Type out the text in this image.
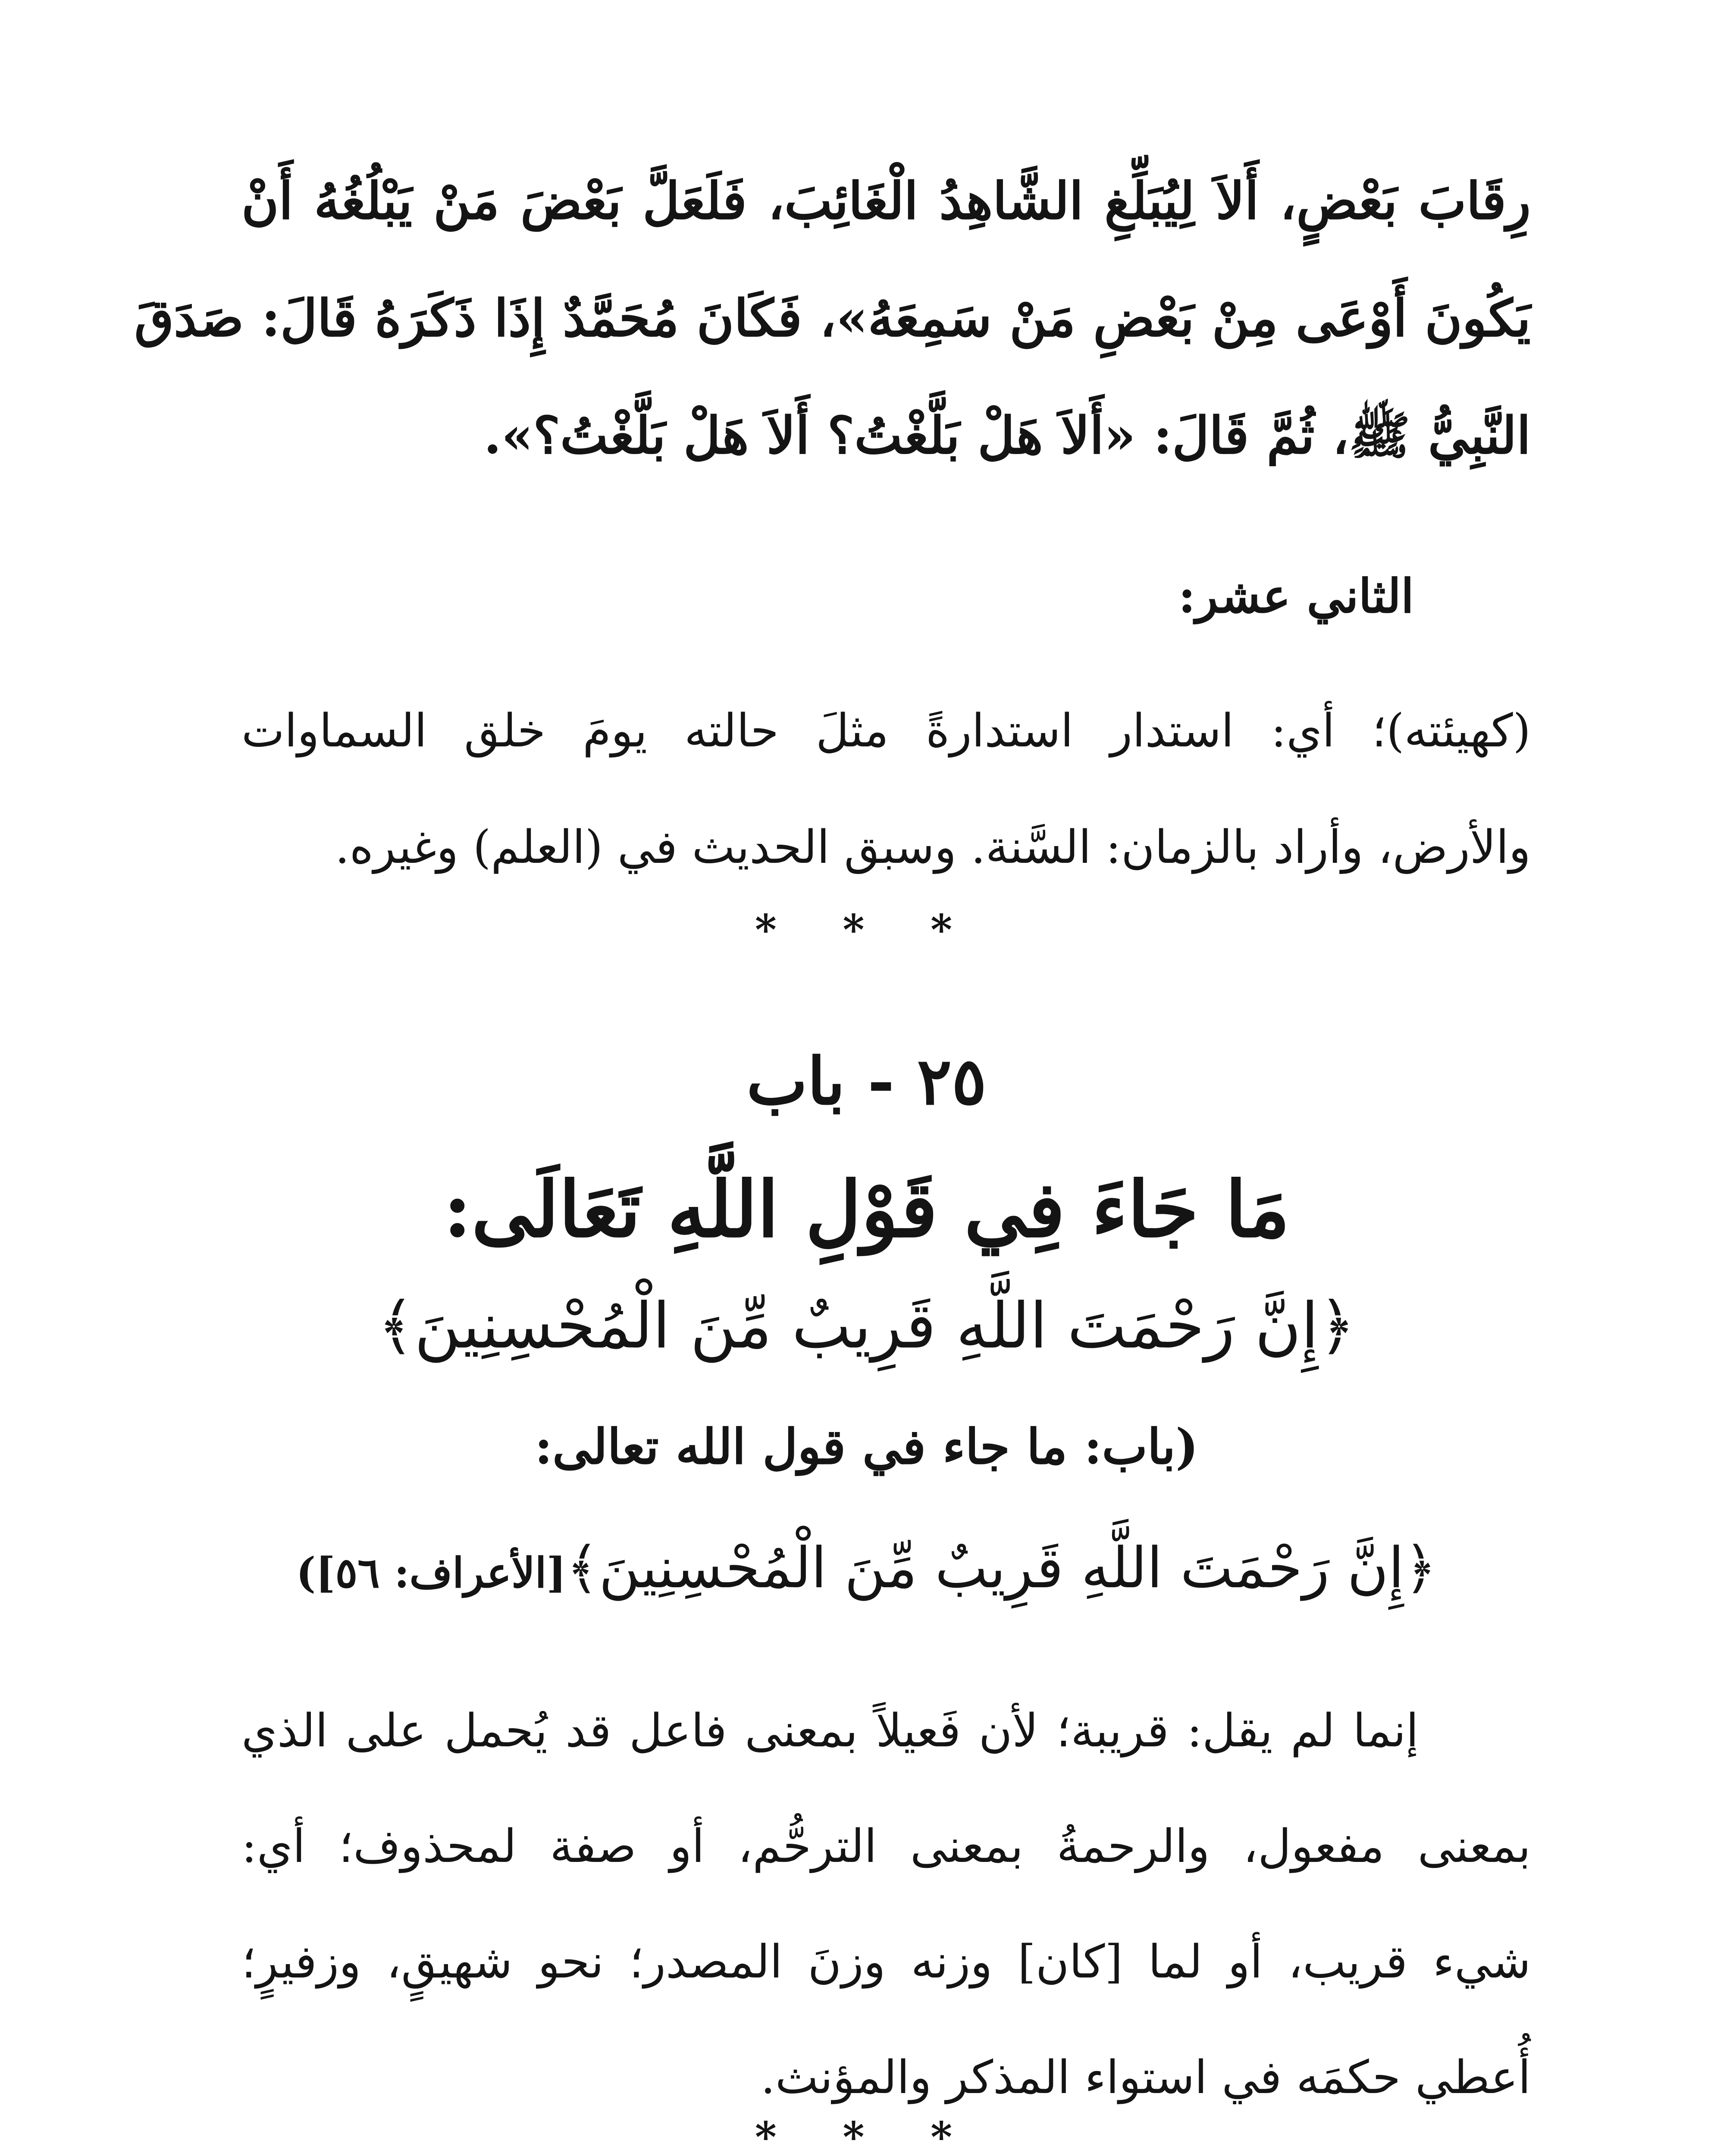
رِقَابَ بَعْضٍ، أَلاَ لِيُبَلِّغِ الشَّاهِدُ الْغَائِبَ، فَلَعَلَّ بَعْضَ مَنْ يَبْلُغُهُ أَنْ
يَكُونَ أَوْعَى مِنْ بَعْضِ مَنْ سَمِعَهُ»، فَكَانَ مُحَمَّدٌ إِذَا ذَكَرَهُ قَالَ: صَدَقَ
النَّبِيُّ ﷺ، ثُمَّ قَالَ: «أَلاَ هَلْ بَلَّغْتُ؟ أَلاَ هَلْ بَلَّغْتُ؟».
الثاني عشر:
(كهيئته)؛ أي: استدار استدارةً مثلَ حالته يومَ خلق السماوات
والأرض، وأراد بالزمان: السَّنة. وسبق الحديث في (العلم) وغيره.
* * *
٢٥ - باب
مَا جَاءَ فِي قَوْلِ اللَّهِ تَعَالَى:
﴿إِنَّ رَحْمَتَ اللَّهِ قَرِيبٌ مِّنَ الْمُحْسِنِينَ﴾
(باب: ما جاء في قول الله تعالى:
﴿إِنَّ رَحْمَتَ اللَّهِ قَرِيبٌ مِّنَ الْمُحْسِنِينَ﴾[الأعراف: ٥٦])
إنما لم يقل: قريبة؛ لأن فَعيلاً بمعنى فاعل قد يُحمل على الذي
بمعنى مفعول، والرحمةُ بمعنى الترحُّم، أو صفة لمحذوف؛ أي:
شيء قريب، أو لما [كان] وزنه وزنَ المصدر؛ نحو شهيقٍ، وزفيرٍ؛
أُعطي حكمَه في استواء المذكر والمؤنث.
* * *
